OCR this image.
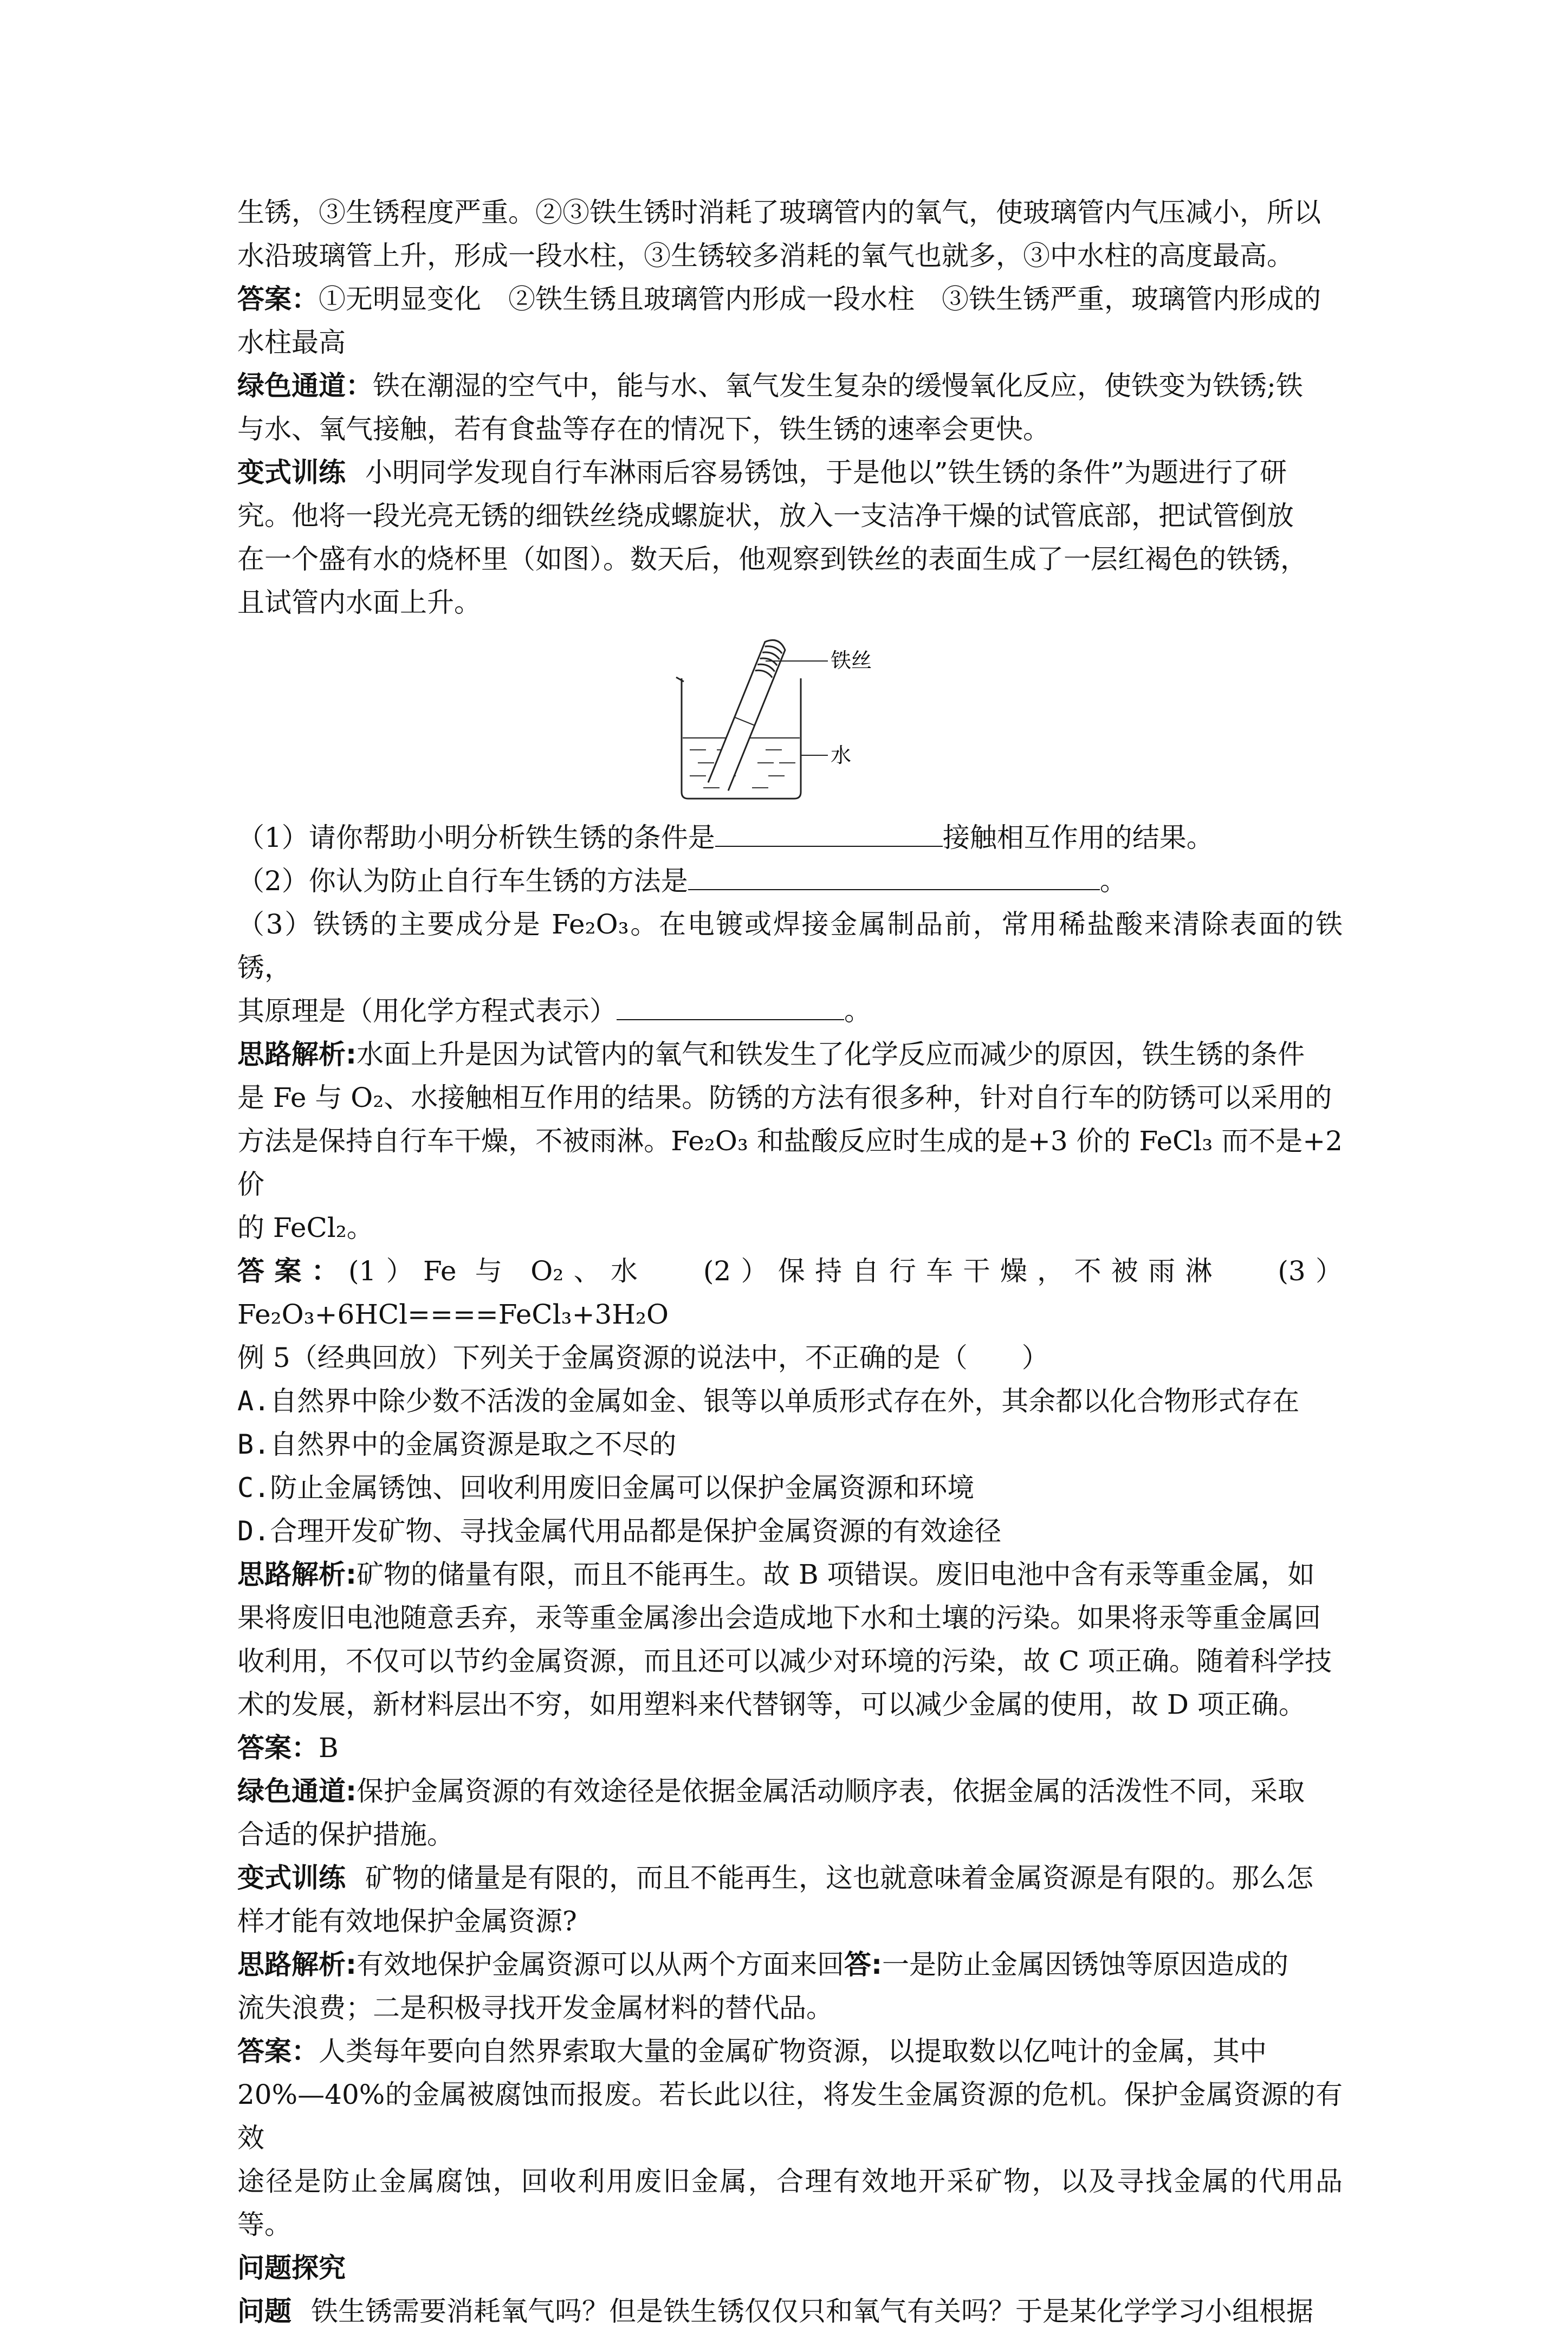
生锈，③生锈程度严重。②③铁生锈时消耗了玻璃管内的氧气，使玻璃管内气压减小，所以

水沿玻璃管上升，形成一段水柱，③生锈较多消耗的氧气也就多，③中水柱的高度最高。

答案：①无明显变化　②铁生锈且玻璃管内形成一段水柱　③铁生锈严重，玻璃管内形成的

水柱最高

绿色通道：铁在潮湿的空气中，能与水、氧气发生复杂的缓慢氧化反应，使铁变为铁锈;铁

与水、氧气接触，若有食盐等存在的情况下，铁生锈的速率会更快。

变式训练 小明同学发现自行车淋雨后容易锈蚀，于是他以”铁生锈的条件”为题进行了研

究。他将一段光亮无锈的细铁丝绕成螺旋状，放入一支洁净干燥的试管底部，把试管倒放

在一个盛有水的烧杯里（如图）。数天后，他观察到铁丝的表面生成了一层红褐色的铁锈，

且试管内水面上升。

铁丝
水

（1）请你帮助小明分析铁生锈的条件是	接触相互作用的结果。

（2）你认为防止自行车生锈的方法是	。

（3）铁锈的主要成分是 Fe₂O₃。在电镀或焊接金属制品前，常用稀盐酸来清除表面的铁锈，

其原理是（用化学方程式表示）	。

思路解析:水面上升是因为试管内的氧气和铁发生了化学反应而减少的原因，铁生锈的条件

是 Fe 与 O₂、水接触相互作用的结果。防锈的方法有很多种，针对自行车的防锈可以采用的

方法是保持自行车干燥，不被雨淋。Fe₂O₃ 和盐酸反应时生成的是+3 价的 FeCl₃ 而不是+2 价

的 FeCl₂。

答案：(1）Fe 与 O₂、水　 (2）保持自行车干燥，不被雨淋　 (3）Fe₂O₃+6HCl====FeCl₃+3H₂O

例 5（经典回放）下列关于金属资源的说法中，不正确的是（　　）

A.自然界中除少数不活泼的金属如金、银等以单质形式存在外，其余都以化合物形式存在

B.自然界中的金属资源是取之不尽的

C.防止金属锈蚀、回收利用废旧金属可以保护金属资源和环境

D.合理开发矿物、寻找金属代用品都是保护金属资源的有效途径

思路解析:矿物的储量有限，而且不能再生。故 B 项错误。废旧电池中含有汞等重金属，如

果将废旧电池随意丢弃，汞等重金属渗出会造成地下水和土壤的污染。如果将汞等重金属回

收利用，不仅可以节约金属资源，而且还可以减少对环境的污染，故 C 项正确。随着科学技

术的发展，新材料层出不穷，如用塑料来代替钢等，可以减少金属的使用，故 D 项正确。

答案：B

绿色通道:保护金属资源的有效途径是依据金属活动顺序表，依据金属的活泼性不同，采取

合适的保护措施。

变式训练 矿物的储量是有限的，而且不能再生，这也就意味着金属资源是有限的。那么怎

样才能有效地保护金属资源?

思路解析:有效地保护金属资源可以从两个方面来回答:一是防止金属因锈蚀等原因造成的

流失浪费；二是积极寻找开发金属材料的替代品。

答案：人类每年要向自然界索取大量的金属矿物资源，以提取数以亿吨计的金属，其中

20%—40%的金属被腐蚀而报废。若长此以往，将发生金属资源的危机。保护金属资源的有效

途径是防止金属腐蚀，回收利用废旧金属，合理有效地开采矿物，以及寻找金属的代用品等。

问题探究

问题 铁生锈需要消耗氧气吗？但是铁生锈仅仅只和氧气有关吗？于是某化学学习小组根据
